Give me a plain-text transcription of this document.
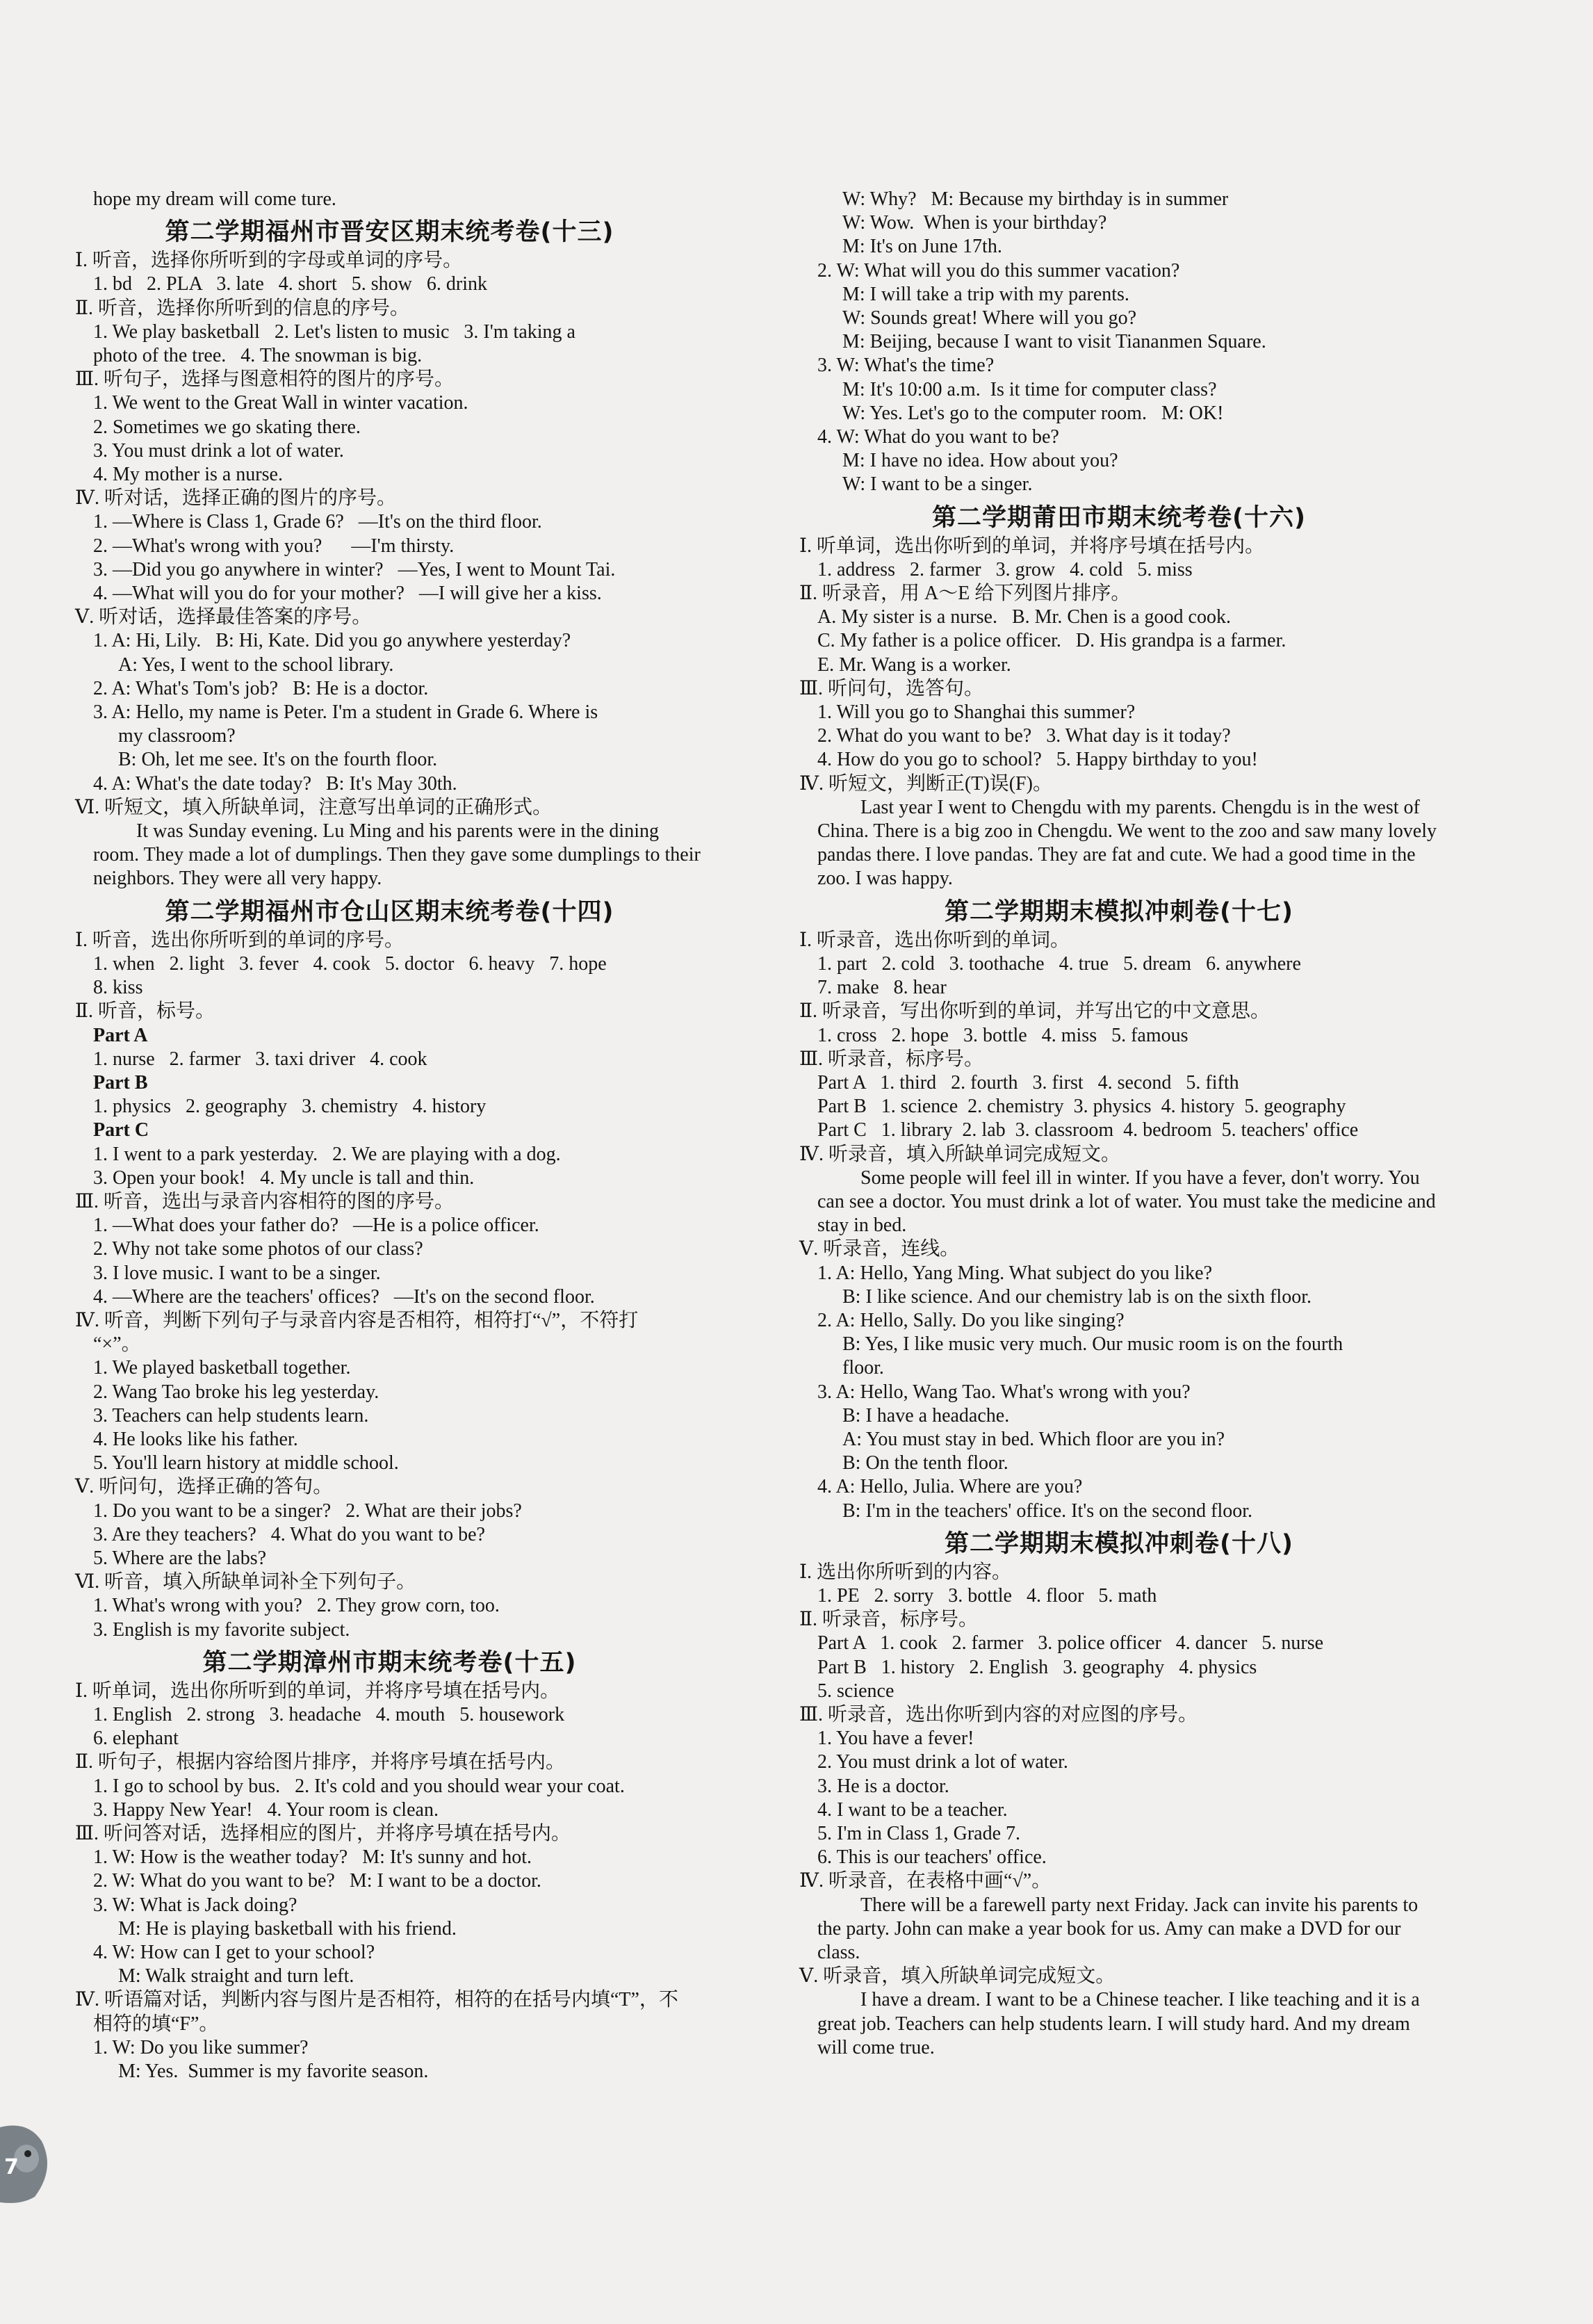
hope my dream will come ture.
第二学期福州市晋安区期末统考卷(十三)
Ⅰ. 听音，选择你所听到的字母或单词的序号。
1. bd   2. PLA   3. late   4. short   5. show   6. drink
Ⅱ. 听音，选择你所听到的信息的序号。
1. We play basketball   2. Let's listen to music   3. I'm taking a
photo of the tree.   4. The snowman is big.
Ⅲ. 听句子，选择与图意相符的图片的序号。
1. We went to the Great Wall in winter vacation.
2. Sometimes we go skating there.
3. You must drink a lot of water.
4. My mother is a nurse.
Ⅳ. 听对话，选择正确的图片的序号。
1. —Where is Class 1, Grade 6?   —It's on the third floor.
2. —What's wrong with you?      —I'm thirsty.
3. —Did you go anywhere in winter?   —Yes, I went to Mount Tai.
4. —What will you do for your mother?   —I will give her a kiss.
Ⅴ. 听对话，选择最佳答案的序号。
1. A: Hi, Lily.   B: Hi, Kate. Did you go anywhere yesterday?
A: Yes, I went to the school library.
2. A: What's Tom's job?   B: He is a doctor.
3. A: Hello, my name is Peter. I'm a student in Grade 6. Where is
my classroom?
B: Oh, let me see. It's on the fourth floor.
4. A: What's the date today?   B: It's May 30th.
Ⅵ. 听短文，填入所缺单词，注意写出单词的正确形式。
It was Sunday evening. Lu Ming and his parents were in the dining room. They made a lot of dumplings. Then they gave some dumplings to their neighbors. They were all very happy.
第二学期福州市仓山区期末统考卷(十四)
Ⅰ. 听音，选出你所听到的单词的序号。
1. when   2. light   3. fever   4. cook   5. doctor   6. heavy   7. hope
8. kiss
Ⅱ. 听音，标号。
Part A
1. nurse   2. farmer   3. taxi driver   4. cook
Part B
1. physics   2. geography   3. chemistry   4. history
Part C
1. I went to a park yesterday.   2. We are playing with a dog.
3. Open your book!   4. My uncle is tall and thin.
Ⅲ. 听音，选出与录音内容相符的图的序号。
1. —What does your father do?   —He is a police officer.
2. Why not take some photos of our class?
3. I love music. I want to be a singer.
4. —Where are the teachers' offices?   —It's on the second floor.
Ⅳ. 听音，判断下列句子与录音内容是否相符，相符打“√”，不符打
“×”。
1. We played basketball together.
2. Wang Tao broke his leg yesterday.
3. Teachers can help students learn.
4. He looks like his father.
5. You'll learn history at middle school.
Ⅴ. 听问句，选择正确的答句。
1. Do you want to be a singer?   2. What are their jobs?
3. Are they teachers?   4. What do you want to be?
5. Where are the labs?
Ⅵ. 听音，填入所缺单词补全下列句子。
1. What's wrong with you?   2. They grow corn, too.
3. English is my favorite subject.
第二学期漳州市期末统考卷(十五)
Ⅰ. 听单词，选出你所听到的单词，并将序号填在括号内。
1. English   2. strong   3. headache   4. mouth   5. housework
6. elephant
Ⅱ. 听句子，根据内容给图片排序，并将序号填在括号内。
1. I go to school by bus.   2. It's cold and you should wear your coat.
3. Happy New Year!   4. Your room is clean.
Ⅲ. 听问答对话，选择相应的图片，并将序号填在括号内。
1. W: How is the weather today?   M: It's sunny and hot.
2. W: What do you want to be?   M: I want to be a doctor.
3. W: What is Jack doing?
M: He is playing basketball with his friend.
4. W: How can I get to your school?
M: Walk straight and turn left.
Ⅳ. 听语篇对话，判断内容与图片是否相符，相符的在括号内填“T”，不
相符的填“F”。
1. W: Do you like summer?
M: Yes.  Summer is my favorite season.
W: Why?   M: Because my birthday is in summer
W: Wow.  When is your birthday?
M: It's on June 17th.
2. W: What will you do this summer vacation?
M: I will take a trip with my parents.
W: Sounds great! Where will you go?
M: Beijing, because I want to visit Tiananmen Square.
3. W: What's the time?
M: It's 10:00 a.m.  Is it time for computer class?
W: Yes. Let's go to the computer room.   M: OK!
4. W: What do you want to be?
M: I have no idea. How about you?
W: I want to be a singer.
第二学期莆田市期末统考卷(十六)
Ⅰ. 听单词，选出你听到的单词，并将序号填在括号内。
1. address   2. farmer   3. grow   4. cold   5. miss
Ⅱ. 听录音，用 A～E 给下列图片排序。
A. My sister is a nurse.   B. Mr. Chen is a good cook.
C. My father is a police officer.   D. His grandpa is a farmer.
E. Mr. Wang is a worker.
Ⅲ. 听问句，选答句。
1. Will you go to Shanghai this summer?
2. What do you want to be?   3. What day is it today?
4. How do you go to school?   5. Happy birthday to you!
Ⅳ. 听短文，判断正(T)误(F)。
Last year I went to Chengdu with my parents. Chengdu is in the west of China. There is a big zoo in Chengdu. We went to the zoo and saw many lovely pandas there. I love pandas. They are fat and cute. We had a good time in the zoo. I was happy.
第二学期期末模拟冲刺卷(十七)
Ⅰ. 听录音，选出你听到的单词。
1. part   2. cold   3. toothache   4. true   5. dream   6. anywhere
7. make   8. hear
Ⅱ. 听录音，写出你听到的单词，并写出它的中文意思。
1. cross   2. hope   3. bottle   4. miss   5. famous
Ⅲ. 听录音，标序号。
Part A   1. third   2. fourth   3. first   4. second   5. fifth
Part B   1. science  2. chemistry  3. physics  4. history  5. geography
Part C   1. library  2. lab  3. classroom  4. bedroom  5. teachers' office
Ⅳ. 听录音，填入所缺单词完成短文。
Some people will feel ill in winter. If you have a fever, don't worry. You can see a doctor. You must drink a lot of water. You must take the medicine and stay in bed.
Ⅴ. 听录音，连线。
1. A: Hello, Yang Ming. What subject do you like?
B: I like science. And our chemistry lab is on the sixth floor.
2. A: Hello, Sally. Do you like singing?
B: Yes, I like music very much. Our music room is on the fourth
floor.
3. A: Hello, Wang Tao. What's wrong with you?
B: I have a headache.
A: You must stay in bed. Which floor are you in?
B: On the tenth floor.
4. A: Hello, Julia. Where are you?
B: I'm in the teachers' office. It's on the second floor.
第二学期期末模拟冲刺卷(十八)
Ⅰ. 选出你所听到的内容。
1. PE   2. sorry   3. bottle   4. floor   5. math
Ⅱ. 听录音，标序号。
Part A   1. cook   2. farmer   3. police officer   4. dancer   5. nurse
Part B   1. history   2. English   3. geography   4. physics
5. science
Ⅲ. 听录音，选出你听到内容的对应图的序号。
1. You have a fever!
2. You must drink a lot of water.
3. He is a doctor.
4. I want to be a teacher.
5. I'm in Class 1, Grade 7.
6. This is our teachers' office.
Ⅳ. 听录音，在表格中画“√”。
There will be a farewell party next Friday. Jack can invite his parents to the party. John can make a year book for us. Amy can make a DVD for our class.
Ⅴ. 听录音，填入所缺单词完成短文。
I have a dream. I want to be a Chinese teacher. I like teaching and it is a great job. Teachers can help students learn. I will study hard. And my dream will come true.
7
